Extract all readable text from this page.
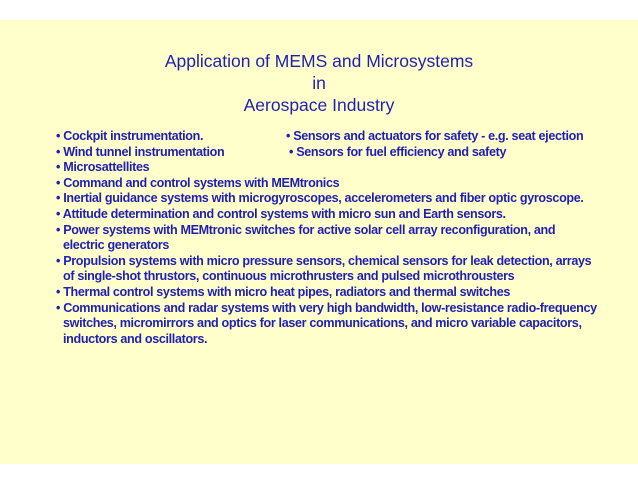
Application of MEMS and Microsystems
in
Aerospace Industry
• Cockpit instrumentation.	• Sensors and actuators for safety - e.g. seat ejection
• Wind tunnel instrumentation	• Sensors for fuel efficiency and safety
• Microsattellites
• Command and control systems with MEMtronics
• Inertial guidance systems with microgyroscopes, accelerometers and fiber optic gyroscope.
• Attitude determination and control systems with micro sun and Earth sensors.
• Power systems with MEMtronic switches for active solar cell array reconfiguration, and
electric generators
• Propulsion systems with micro pressure sensors, chemical sensors for leak detection, arrays
of single-shot thrustors, continuous microthrusters and pulsed microthrousters
• Thermal control systems with micro heat pipes, radiators and thermal switches
• Communications and radar systems with very high bandwidth, low-resistance radio-frequency
switches, micromirrors and optics for laser communications, and micro variable capacitors,
inductors and oscillators.
